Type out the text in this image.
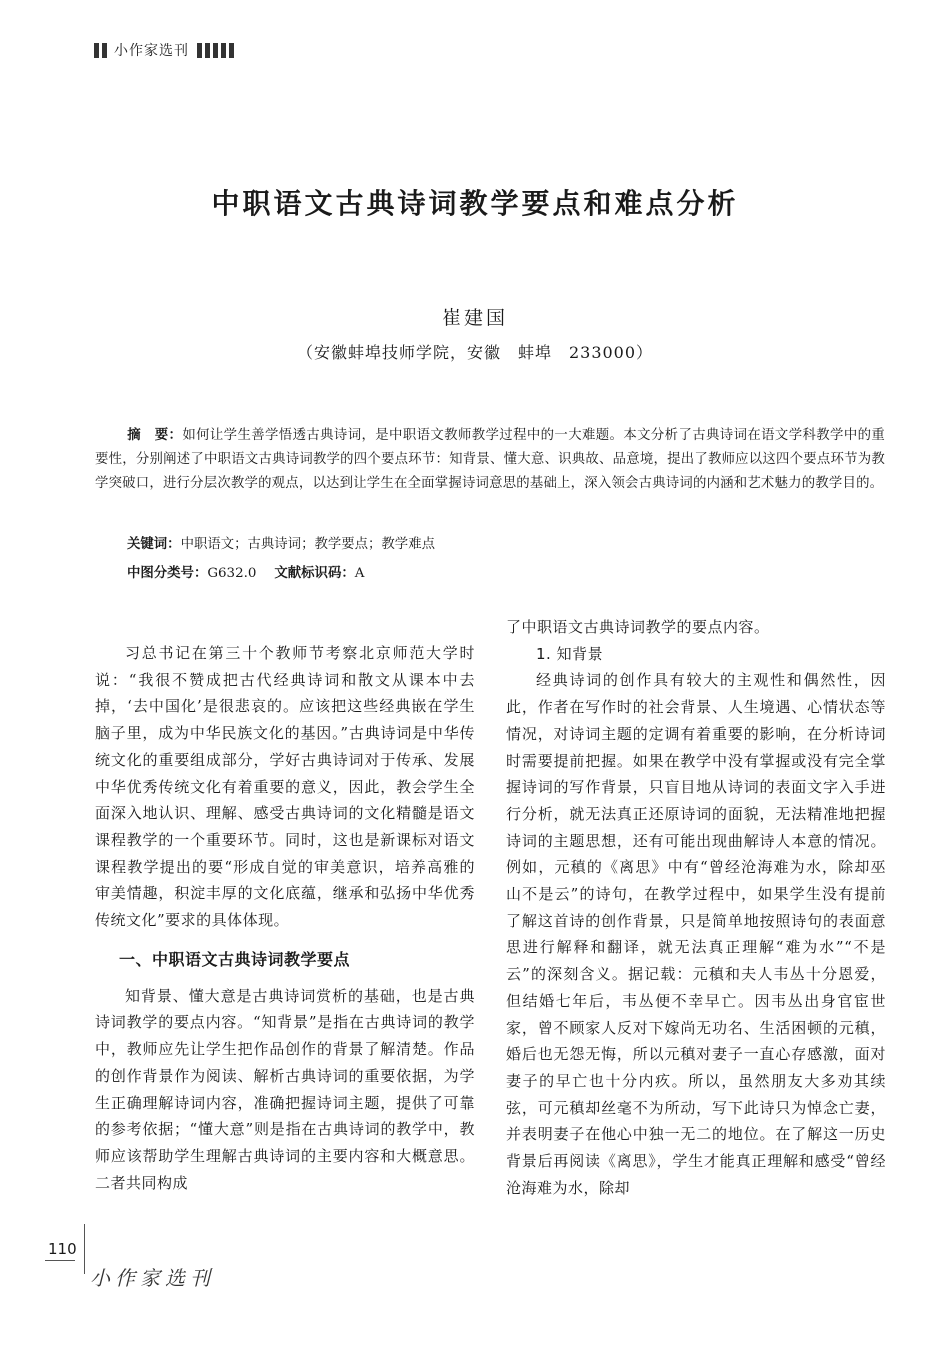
小作家选刊
中职语文古典诗词教学要点和难点分析
崔建国
（安徽蚌埠技师学院，安徽　蚌埠　233000）
摘　要：如何让学生善学悟透古典诗词，是中职语文教师教学过程中的一大难题。本文分析了古典诗词在语文学科教学中的重要性，分别阐述了中职语文古典诗词教学的四个要点环节：知背景、懂大意、识典故、品意境，提出了教师应以这四个要点环节为教学突破口，进行分层次教学的观点，以达到让学生在全面掌握诗词意思的基础上，深入领会古典诗词的内涵和艺术魅力的教学目的。
关键词：中职语文；古典诗词；教学要点；教学难点
中图分类号：G632.0 文献标识码：A

习总书记在第三十个教师节考察北京师范大学时说：“我很不赞成把古代经典诗词和散文从课本中去掉，‘去中国化’是很悲哀的。应该把这些经典嵌在学生脑子里，成为中华民族文化的基因。”古典诗词是中华传统文化的重要组成部分，学好古典诗词对于传承、发展中华优秀传统文化有着重要的意义，因此，教会学生全面深入地认识、理解、感受古典诗词的文化精髓是语文课程教学的一个重要环节。同时，这也是新课标对语文课程教学提出的要“形成自觉的审美意识，培养高雅的审美情趣，积淀丰厚的文化底蕴，继承和弘扬中华优秀传统文化”要求的具体体现。

一、中职语文古典诗词教学要点

知背景、懂大意是古典诗词赏析的基础，也是古典诗词教学的要点内容。“知背景”是指在古典诗词的教学中，教师应先让学生把作品创作的背景了解清楚。作品的创作背景作为阅读、解析古典诗词的重要依据，为学生正确理解诗词内容，准确把握诗词主题，提供了可靠的参考依据；“懂大意”则是指在古典诗词的教学中，教师应该帮助学生理解古典诗词的主要内容和大概意思。二者共同构成

了中职语文古典诗词教学的要点内容。

1. 知背景

经典诗词的创作具有较大的主观性和偶然性，因此，作者在写作时的社会背景、人生境遇、心情状态等情况，对诗词主题的定调有着重要的影响，在分析诗词时需要提前把握。如果在教学中没有掌握或没有完全掌握诗词的写作背景，只盲目地从诗词的表面文字入手进行分析，就无法真正还原诗词的面貌，无法精准地把握诗词的主题思想，还有可能出现曲解诗人本意的情况。例如，元稹的《离思》中有“曾经沧海难为水，除却巫山不是云”的诗句，在教学过程中，如果学生没有提前了解这首诗的创作背景，只是简单地按照诗句的表面意思进行解释和翻译，就无法真正理解“难为水”“不是云”的深刻含义。据记载：元稹和夫人韦丛十分恩爱，但结婚七年后，韦丛便不幸早亡。因韦丛出身官宦世家，曾不顾家人反对下嫁尚无功名、生活困顿的元稹，婚后也无怨无悔，所以元稹对妻子一直心存感激，面对妻子的早亡也十分内疚。所以，虽然朋友大多劝其续弦，可元稹却丝毫不为所动，写下此诗只为悼念亡妻，并表明妻子在他心中独一无二的地位。在了解这一历史背景后再阅读《离思》，学生才能真正理解和感受“曾经沧海难为水，除却

110
小作家选刊
